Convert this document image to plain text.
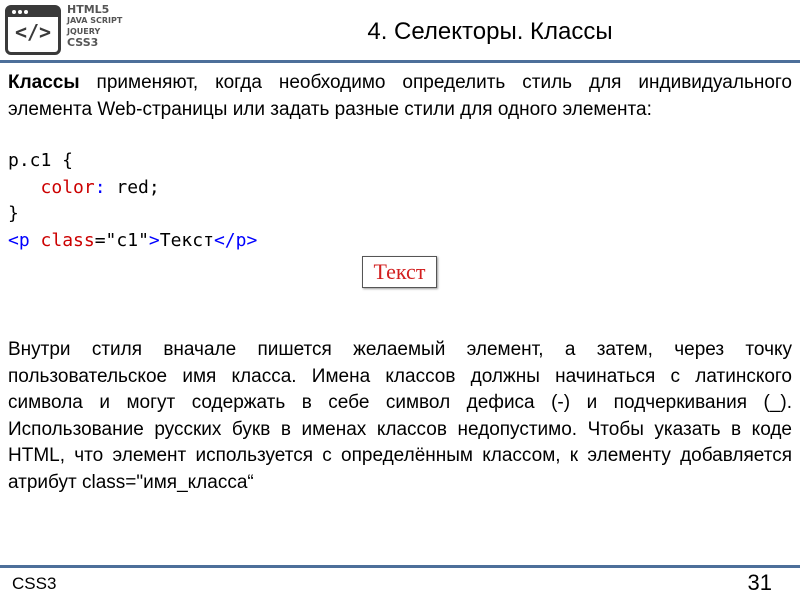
</>
HTML5
JAVA SCRIPT
JQUERY
CSS3	4. Селекторы. Классы
Классы применяют, когда необходимо определить стиль для индивидуального элемента Web-страницы или задать разные стили для одного элемента:
p.c1 {
color: red;
}
<p class="c1">Текст</p>
Текст
Внутри стиля вначале пишется желаемый элемент, а затем, через точку пользовательское имя класса. Имена классов должны начинаться с латинского символа и могут содержать в себе символ дефиса (-) и подчеркивания (_). Использование русских букв в именах классов недопустимо. Чтобы указать в коде HTML, что элемент используется с определённым классом, к элементу добавляется атрибут class="имя_класса“
CSS3	31
